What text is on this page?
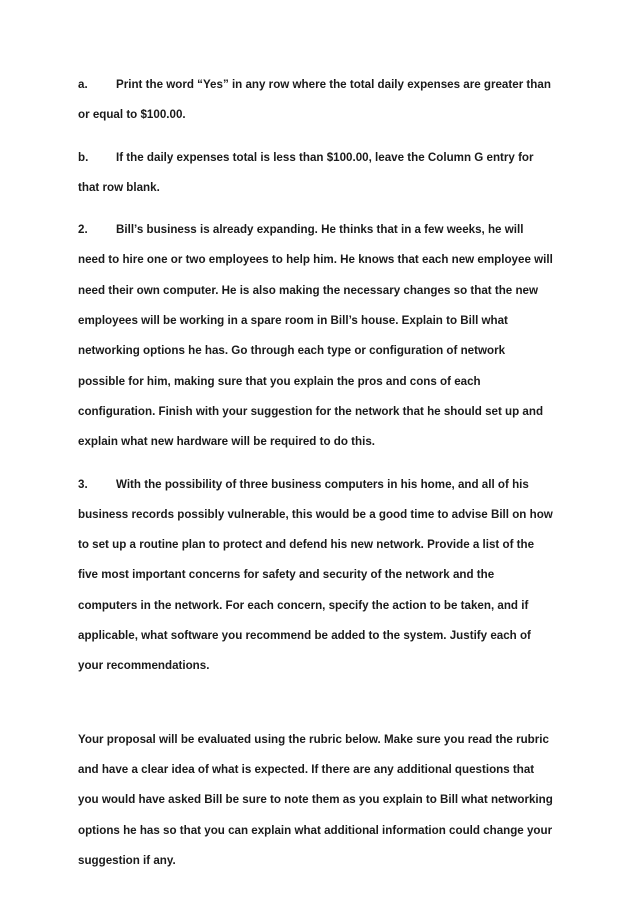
a. Print the word “Yes” in any row where the total daily expenses are greater than
or equal to $100.00.
b. If the daily expenses total is less than $100.00, leave the Column G entry for
that row blank.
2. Bill’s business is already expanding. He thinks that in a few weeks, he will
need to hire one or two employees to help him. He knows that each new employee will
need their own computer. He is also making the necessary changes so that the new
employees will be working in a spare room in Bill’s house. Explain to Bill what
networking options he has. Go through each type or configuration of network
possible for him, making sure that you explain the pros and cons of each
configuration. Finish with your suggestion for the network that he should set up and
explain what new hardware will be required to do this.
3. With the possibility of three business computers in his home, and all of his
business records possibly vulnerable, this would be a good time to advise Bill on how
to set up a routine plan to protect and defend his new network. Provide a list of the
five most important concerns for safety and security of the network and the
computers in the network. For each concern, specify the action to be taken, and if
applicable, what software you recommend be added to the system. Justify each of
your recommendations.
Your proposal will be evaluated using the rubric below. Make sure you read the rubric
and have a clear idea of what is expected. If there are any additional questions that
you would have asked Bill be sure to note them as you explain to Bill what networking
options he has so that you can explain what additional information could change your
suggestion if any.
